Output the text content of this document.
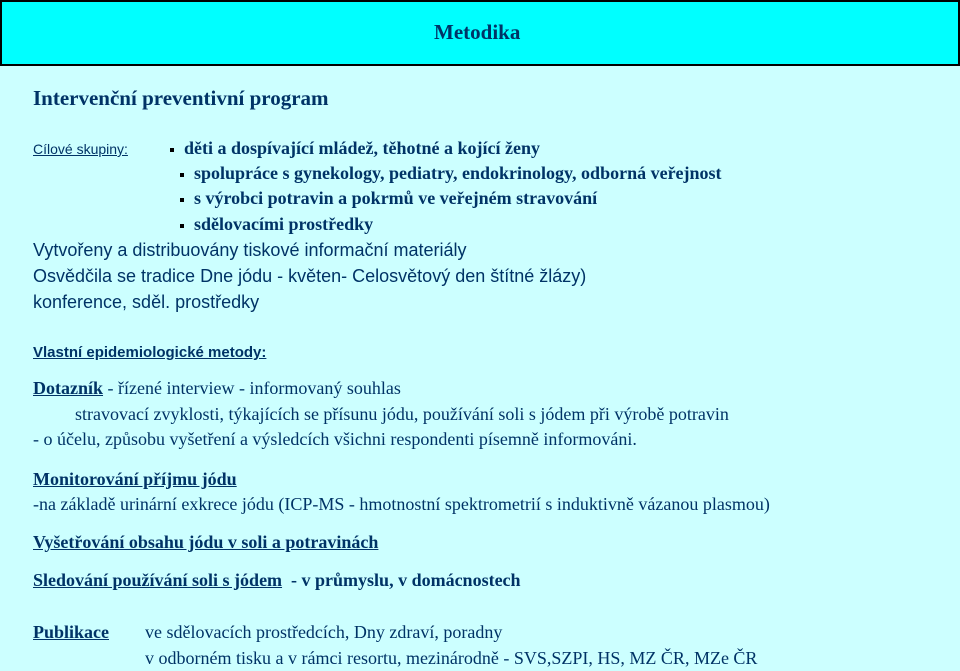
Metodika
Intervenční preventivní program
Cílové skupiny:	děti a dospívající mládež, těhotné a kojící ženy
spolupráce s gynekology, pediatry, endokrinology, odborná veřejnost
s výrobci potravin a pokrmů ve veřejném stravování
sdělovacími prostředky
Vytvořeny a distribuovány tiskové informační materiály
Osvědčila se tradice Dne jódu - květen- Celosvětový den štítné žlázy)
konference, sděl. prostředky
Vlastní epidemiologické metody:
Dotazník - řízené interview - informovaný souhlas
stravovací zvyklosti, týkajících se přísunu jódu, používání soli s jódem při výrobě potravin
- o účelu, způsobu vyšetření a výsledcích všichni respondenti písemně informováni.
Monitorování příjmu jódu
-na základě urinární exkrece jódu (ICP-MS - hmotnostní spektrometrií s induktivně vázanou plasmou)
Vyšetřování obsahu jódu v soli a potravinách
Sledování používání soli s jódem  - v průmyslu, v domácnostech
Publikace ve sdělovacích prostředcích, Dny zdraví, poradny
v odborném tisku a v rámci resortu, mezinárodně - SVS,SZPI, HS, MZ ČR, MZe ČR
